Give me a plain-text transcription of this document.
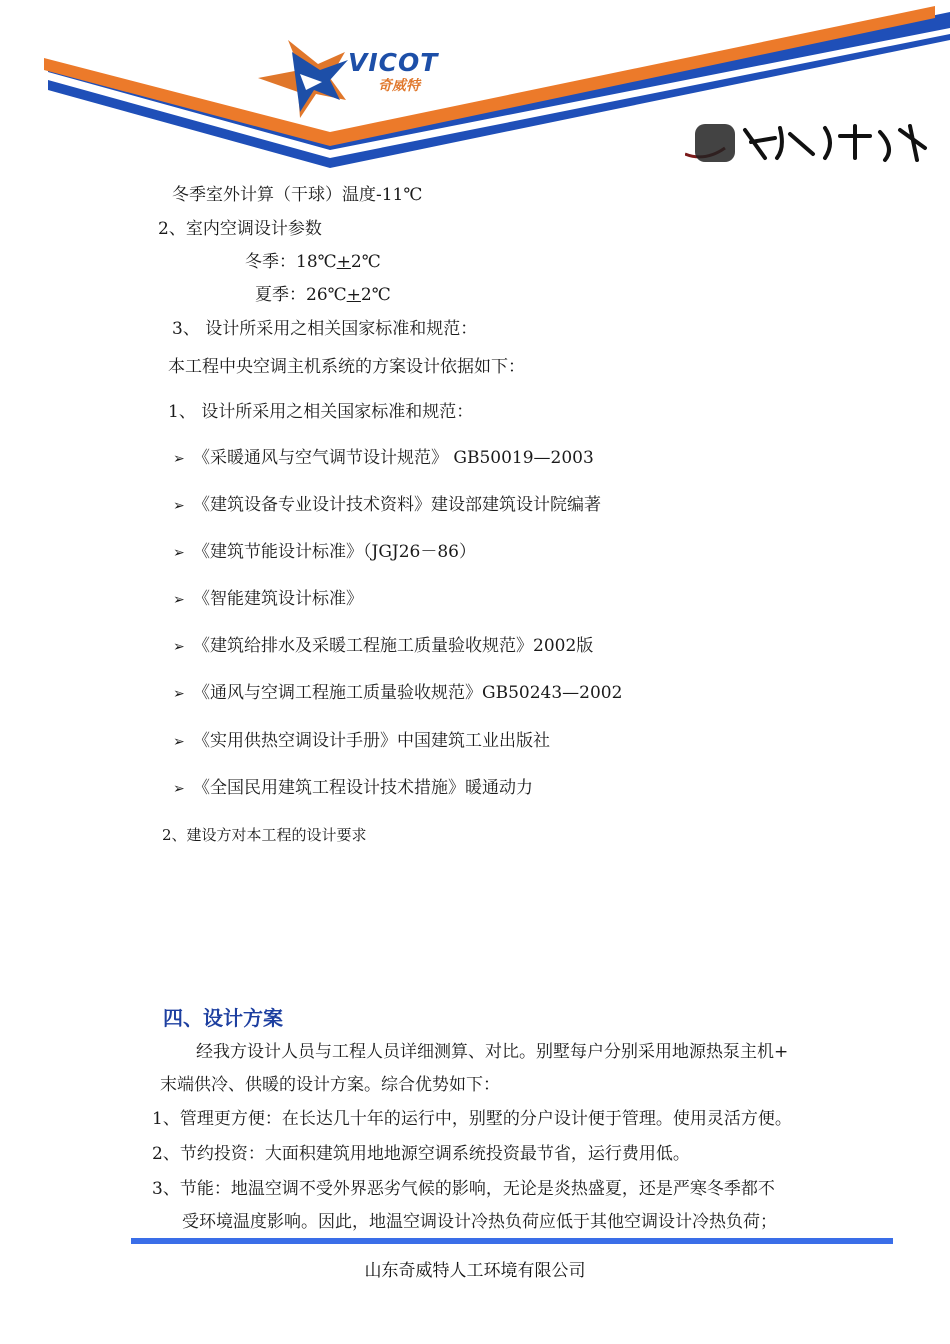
VICOT
奇威特
冬季室外计算（干球）温度-11℃
2、室内空调设计参数
冬季：18℃+2℃
夏季：26℃+2℃
3、 设计所采用之相关国家标准和规范：
本工程中央空调主机系统的方案设计依据如下：
1、 设计所采用之相关国家标准和规范：
➢ 《采暖通风与空气调节设计规范》 GB50019—2003
➢ 《建筑设备专业设计技术资料》建设部建筑设计院编著
➢ 《建筑节能设计标准》（JGJ26－86）
➢ 《智能建筑设计标准》
➢ 《建筑给排水及采暖工程施工质量验收规范》2002版
➢ 《通风与空调工程施工质量验收规范》GB50243—2002
➢ 《实用供热空调设计手册》中国建筑工业出版社
➢ 《全国民用建筑工程设计技术措施》暖通动力
2、建设方对本工程的设计要求
四、设计方案
经我方设计人员与工程人员详细测算、对比。别墅每户分别采用地源热泵主机+
末端供冷、供暖的设计方案。综合优势如下：
1、管理更方便：在长达几十年的运行中，别墅的分户设计便于管理。使用灵活方便。
2、节约投资：大面积建筑用地地源空调系统投资最节省，运行费用低。
3、节能：地温空调不受外界恶劣气候的影响，无论是炎热盛夏，还是严寒冬季都不
受环境温度影响。因此，地温空调设计冷热负荷应低于其他空调设计冷热负荷；
山东奇威特人工环境有限公司
